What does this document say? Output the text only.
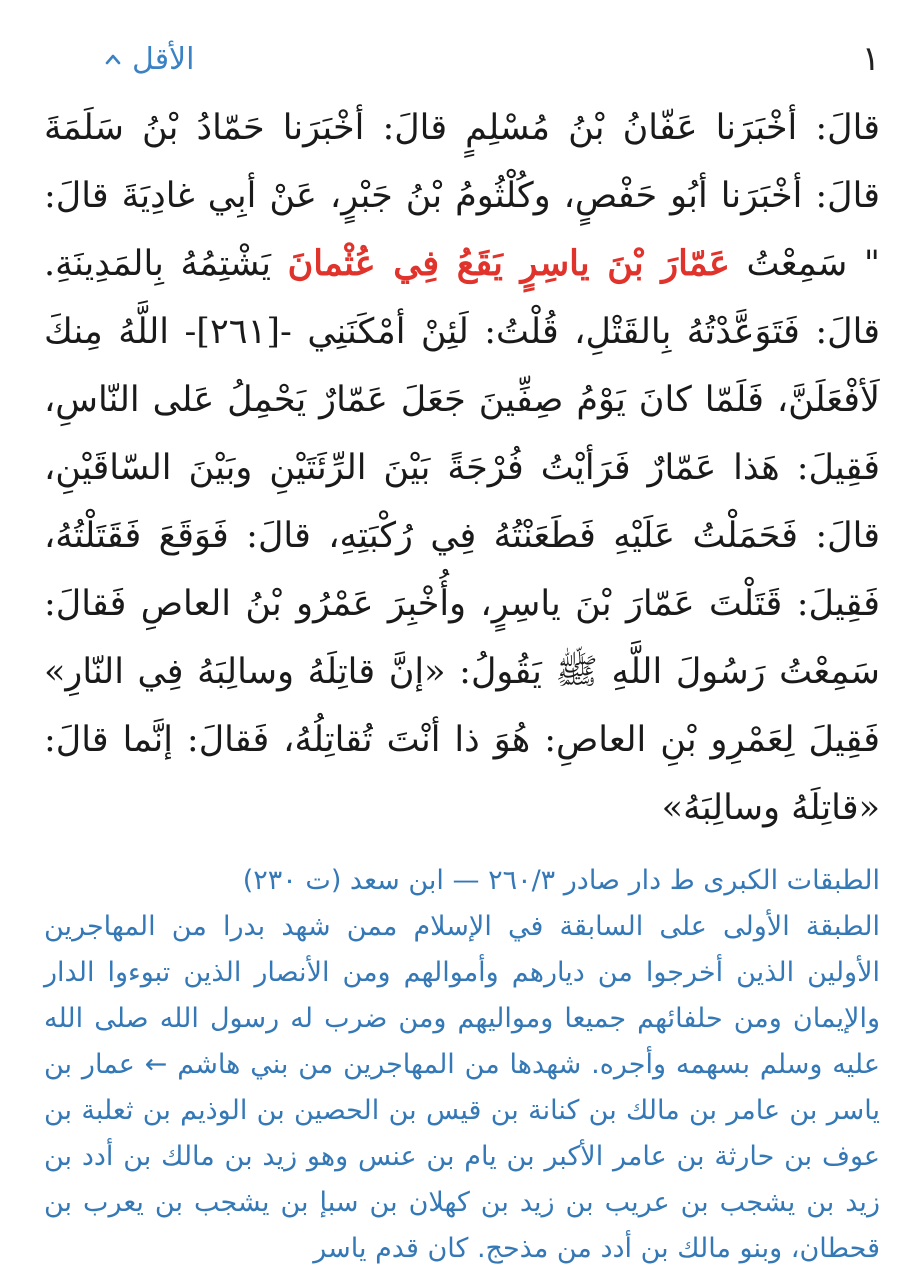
١
الأقل

قالَ: أخْبَرَنا عَفّانُ بْنُ مُسْلِمٍ قالَ: أخْبَرَنا حَمّادُ بْنُ سَلَمَةَ قالَ: أخْبَرَنا أبُو حَفْصٍ، وكُلْثُومُ بْنُ جَبْرٍ، عَنْ أبِي غادِيَةَ قالَ: " سَمِعْتُ عَمّارَ بْنَ ياسِرٍ يَقَعُ فِي عُثْمانَ يَشْتِمُهُ بِالمَدِينَةِ. قالَ: فَتَوَعَّدْتُهُ بِالقَتْلِ، قُلْتُ: لَئِنْ أمْكَنَنِي -[٢٦١]- اللَّهُ مِنكَ لَأفْعَلَنَّ، فَلَمّا كانَ يَوْمُ صِفِّينَ جَعَلَ عَمّارٌ يَحْمِلُ عَلى النّاسِ، فَقِيلَ: هَذا عَمّارٌ فَرَأيْتُ فُرْجَةً بَيْنَ الرِّئَتَيْنِ وبَيْنَ السّاقَيْنِ، قالَ: فَحَمَلْتُ عَلَيْهِ فَطَعَنْتُهُ فِي رُكْبَتِهِ، قالَ: فَوَقَعَ فَقَتَلْتُهُ، فَقِيلَ: قَتَلْتَ عَمّارَ بْنَ ياسِرٍ، وأُخْبِرَ عَمْرُو بْنُ العاصِ فَقالَ: سَمِعْتُ رَسُولَ اللَّهِ ﷺ يَقُولُ: «إنَّ قاتِلَهُ وسالِبَهُ فِي النّارِ» فَقِيلَ لِعَمْرِو بْنِ العاصِ: هُوَ ذا أنْتَ تُقاتِلُهُ، فَقالَ: إنَّما قالَ: «قاتِلَهُ وسالِبَهُ»

الطبقات الكبرى ط دار صادر ٢٦٠/٣ — ابن سعد (ت ٢٣٠)
الطبقة الأولى على السابقة في الإسلام ممن شهد بدرا من المهاجرين الأولين الذين أخرجوا من ديارهم وأموالهم ومن الأنصار الذين تبوءوا الدار والإيمان ومن حلفائهم جميعا ومواليهم ومن ضرب له رسول الله صلى الله عليه وسلم بسهمه وأجره. شهدها من المهاجرين من بني هاشم ← عمار بن ياسر بن عامر بن مالك بن كنانة بن قيس بن الحصين بن الوذيم بن ثعلبة بن عوف بن حارثة بن عامر الأكبر بن يام بن عنس وهو زيد بن مالك بن أدد بن زيد بن يشجب بن عريب بن زيد بن كهلان بن سبإ بن يشجب بن يعرب بن قحطان، وبنو مالك بن أدد من مذحج. كان قدم ياسر
